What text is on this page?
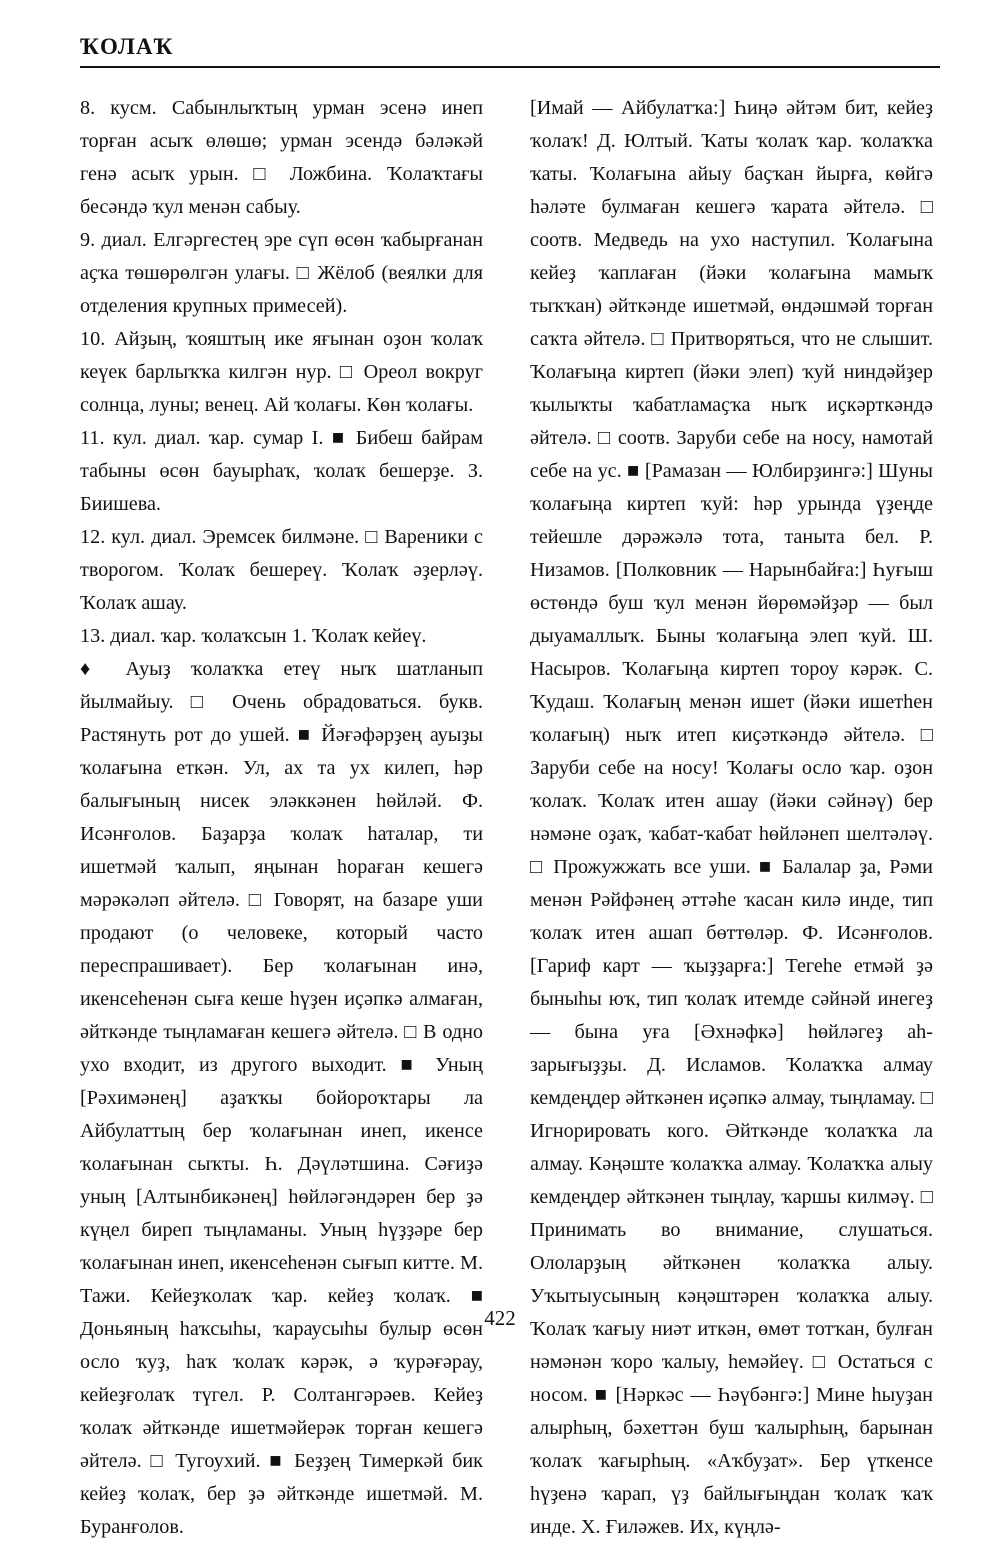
ҠОЛАҠ

8. кусм. Сабынлыҡтың урман эсенә инеп торған асыҡ өлөшө; урман эсендә бәләкәй генә асыҡ урын. □ Ложбина. Ҡолаҡтағы бесәндә ҡул менән сабыу.

9. диал. Елгәргестең эре сүп өсөн ҡабырғанан аҫҡа төшөрөлгән улағы. □ Жёлоб (веялки для отделения крупных примесей).

10. Айҙың, ҡояштың ике яғынан оҙон ҡолаҡ кеүек барлыҡҡа килгән нур. □ Ореол вокруг солнца, луны; венец. Ай ҡолағы. Көн ҡолағы.

11. кул. диал. ҡар. сумар I. ■ Бибеш байрам табыны өсөн бауырһаҡ, ҡолаҡ бешерҙе. З. Биишева.

12. кул. диал. Эремсек билмәне. □ Вареники с творогом. Ҡолаҡ бешереү. Ҡолаҡ әҙерләү. Ҡолаҡ ашау.

13. диал. ҡар. ҡолаҡсын 1. Ҡолаҡ кейеү.

♦ Ауыҙ ҡолаҡҡа етеү ныҡ шатланып йылмайыу. □ Очень обрадоваться. букв. Растянуть рот до ушей. ■ Йәғәфәрҙең ауыҙы ҡолағына еткән. Ул, ах та ух килеп, һәр балығының нисек эләккәнен һөйләй. Ф. Исәнғолов. Баҙарҙа ҡолаҡ һаталар, ти ишетмәй ҡалып, яңынан һораған кешегә мәрәкәләп әйтелә. □ Говорят, на базаре уши продают (о человеке, который часто переспрашивает). Бер ҡолағынан инә, икенсеһенән сыға кеше һүҙен иҫәпкә алмаған, әйткәнде тыңламаған кешегә әйтелә. □ В одно ухо входит, из другого выходит. ■ Уның [Рәхимәнең] аҙаҡҡы бойороҡтары ла Айбулаттың бер ҡолағынан инеп, икенсе ҡолағынан сыҡты. Һ. Дәүләтшина. Сәғиҙә уның [Алтынбикәнең] һөйләгәндәрен бер ҙә күңел биреп тыңламаны. Уның һүҙҙәре бер ҡолағынан инеп, икенсеһенән сығып китте. М. Тажи. Кейеҙҡолаҡ ҡар. кейеҙ ҡолаҡ. ■ Доньяның һаҡсыһы, ҡараусыһы булыр өсөн осло ҡуҙ, һаҡ ҡолаҡ кәрәк, ә ҡурәғәрау, кейеҙғолаҡ түгел. Р. Солтангәрәев. Кейеҙ ҡолаҡ әйткәнде ишетмәйерәк торған кешегә әйтелә. □ Тугоухий. ■ Беҙҙең Тимеркәй бик кейеҙ ҡолаҡ, бер ҙә әйткәнде ишетмәй. М. Буранғолов.

[Имай — Айбулатҡа:] Һиңә әйтәм бит, кейеҙ ҡолаҡ! Д. Юлтый. Ҡаты ҡолаҡ ҡар. ҡолаҡҡа ҡаты. Ҡолағына айыу баҫҡан йырға, көйгә һәләте булмаған кешегә ҡарата әйтелә. □ соотв. Медведь на ухо наступил. Ҡолағына кейеҙ ҡаплаған (йәки ҡолағына мамыҡ тыҡҡан) әйткәнде ишетмәй, өндәшмәй торған саҡта әйтелә. □ Притворяться, что не слышит. Ҡолағыңа киртеп (йәки элеп) ҡуй ниндәйҙер ҡылыҡты ҡабатламаҫҡа ныҡ иҫкәрткәндә әйтелә. □ соотв. Заруби себе на носу, намотай себе на ус. ■ [Рамазан — Юлбирҙингә:] Шуны ҡолағыңа киртеп ҡуй: һәр урында үҙеңде тейешле дәрәжәлә тота, таныта бел. Р. Низамов. [Полковник — Нарынбайға:] Һуғыш өстөндә буш ҡул менән йөрөмәйҙәр — был дыуамаллыҡ. Быны ҡолағыңа элеп ҡуй. Ш. Насыров. Ҡолағыңа киртеп тороу кәрәк. С. Ҡудаш. Ҡолағың менән ишет (йәки ишетһен ҡолағың) ныҡ итеп киҫәткәндә әйтелә. □ Заруби себе на носу! Ҡолағы осло ҡар. оҙон ҡолаҡ. Ҡолаҡ итен ашау (йәки сәйнәү) бер нәмәне оҙаҡ, ҡабат-ҡабат һөйләнеп шелтәләү. □ Прожужжать все уши. ■ Балалар ҙа, Рәми менән Рәйфәнең әттәһе ҡасан килә инде, тип ҡолаҡ итен ашап бөттөләр. Ф. Исәнғолов. [Гариф карт — ҡыҙҙарға:] Тегеһе етмәй ҙә быныһы юҡ, тип ҡолаҡ итемде сәйнәй инегеҙ — бына уға [Әхнәфкә] һөйләгеҙ аһ-зарығыҙҙы. Д. Исламов. Ҡолаҡҡа алмау кемдеңдер әйткәнен иҫәпкә алмау, тыңламау. □ Игнорировать кого. Әйткәнде ҡолаҡҡа ла алмау. Кәңәште ҡолаҡҡа алмау. Ҡолаҡҡа алыу кемдеңдер әйткәнен тыңлау, ҡаршы килмәү. □ Принимать во внимание, слушаться. Ололарҙың әйткәнен ҡолаҡҡа алыу. Уҡытыусының кәңәштәрен ҡолаҡҡа алыу. Ҡолаҡ ҡағыу ниәт иткән, өмөт тотҡан, булған нәмәнән ҡоро ҡалыу, һемәйеү. □ Остаться с носом. ■ [Нәркәс — Һәүбәнгә:] Мине һыуҙан алырһың, бәхеттән буш ҡалырһың, барынан ҡолаҡ ҡағырһың. «Аҡбуҙат». Бер үткенсе һүҙенә ҡарап, үҙ байлығыңдан ҡолаҡ ҡаҡ инде. Х. Ғиләжев. Их, күңлә-

422
